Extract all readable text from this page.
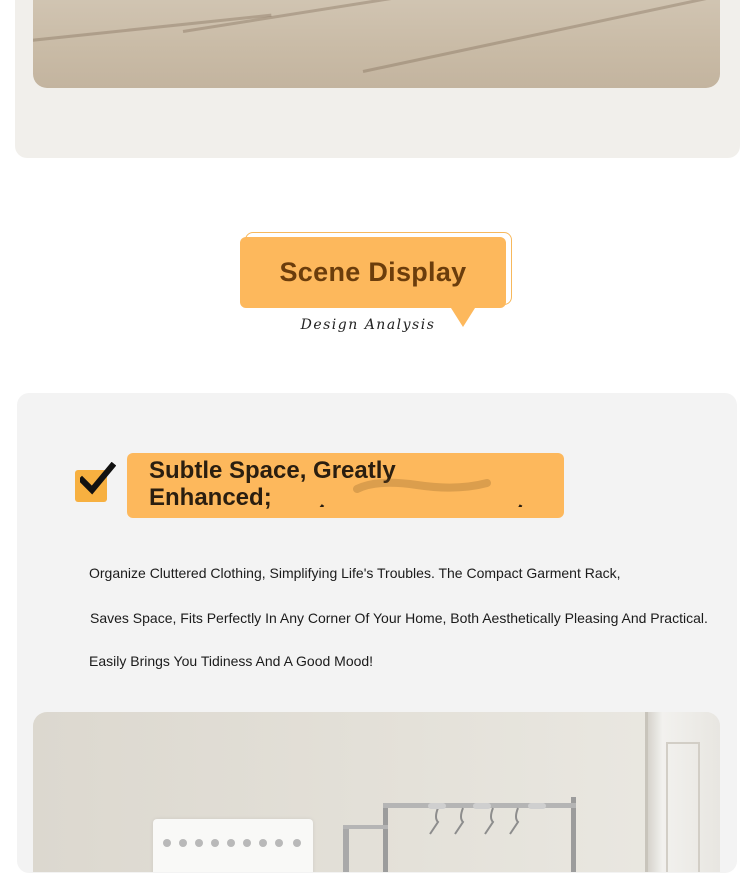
Scene Display
Design Analysis
Subtle Space, Greatly
Enhanced;
Organize Cluttered Clothing, Simplifying Life's Troubles. The Compact Garment Rack,
Saves Space, Fits Perfectly In Any Corner Of Your Home, Both Aesthetically Pleasing And Practical.
Easily Brings You Tidiness And A Good Mood!
